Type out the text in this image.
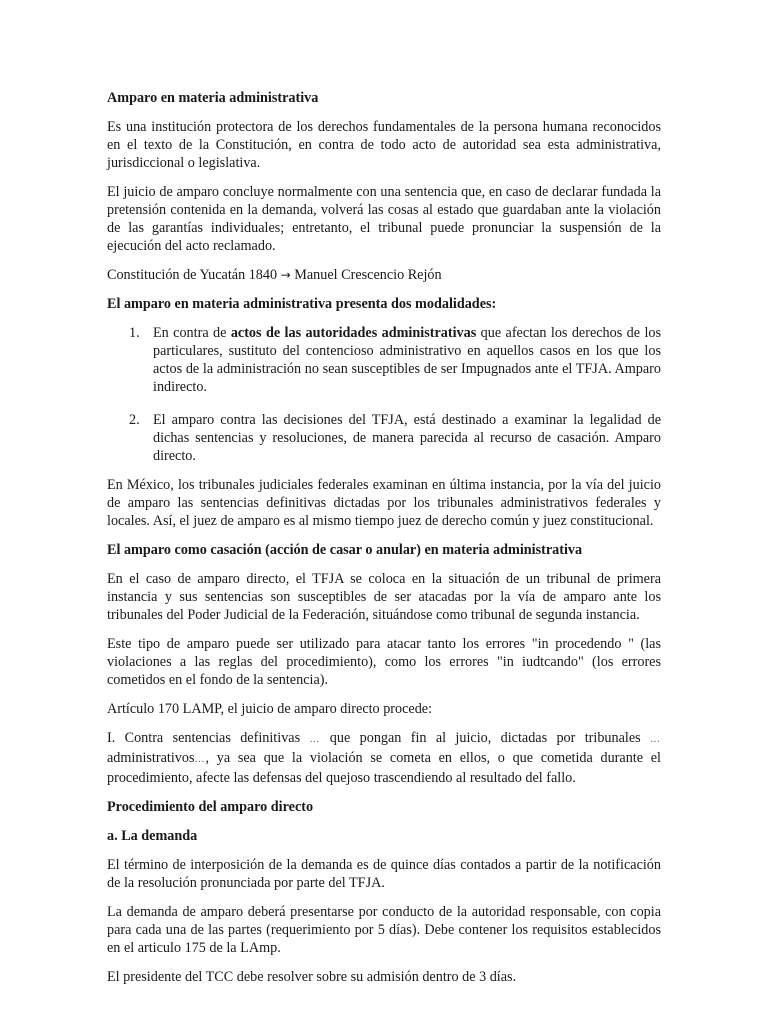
Amparo en materia administrativa

Es una institución protectora de los derechos fundamentales de la persona humana reconocidos en el texto de la Constitución, en contra de todo acto de autoridad sea esta administrativa, jurisdiccional o legislativa.

El juicio de amparo concluye normalmente con una sentencia que, en caso de declarar fundada la pretensión contenida en la demanda, volverá las cosas al estado que guardaban ante la violación de las garantías individuales; entretanto, el tribunal puede pronunciar la suspensión de la ejecución del acto reclamado.

Constitución de Yucatán 1840 → Manuel Crescencio Rejón

El amparo en materia administrativa presenta dos modalidades:

1. En contra de actos de las autoridades administrativas que afectan los derechos de los particulares, sustituto del contencioso administrativo en aquellos casos en los que los actos de la administración no sean susceptibles de ser Impugnados ante el TFJA. Amparo indirecto.
2. El amparo contra las decisiones del TFJA, está destinado a examinar la legalidad de dichas sentencias y resoluciones, de manera parecida al recurso de casación. Amparo directo.

En México, los tribunales judiciales federales examinan en última instancia, por la vía del juicio de amparo las sentencias definitivas dictadas por los tribunales administrativos federales y locales. Así, el juez de amparo es al mismo tiempo juez de derecho común y juez constitucional.

El amparo como casación (acción de casar o anular) en materia administrativa

En el caso de amparo directo, el TFJA se coloca en la situación de un tribunal de primera instancia y sus sentencias son susceptibles de ser atacadas por la vía de amparo ante los tribunales del Poder Judicial de la Federación, situándose como tribunal de segunda instancia.

Este tipo de amparo puede ser utilizado para atacar tanto los errores "in procedendo " (las violaciones a las reglas del procedimiento), como los errores "in iudtcando" (los errores cometidos en el fondo de la sentencia).

Artículo 170 LAMP, el juicio de amparo directo procede:

I. Contra sentencias definitivas … que pongan fin al juicio, dictadas por tribunales … administrativos…, ya sea que la violación se cometa en ellos, o que cometida durante el procedimiento, afecte las defensas del quejoso trascendiendo al resultado del fallo.

Procedimiento del amparo directo

a. La demanda

El término de interposición de la demanda es de quince días contados a partir de la notificación de la resolución pronunciada por parte del TFJA.

La demanda de amparo deberá presentarse por conducto de la autoridad responsable, con copia para cada una de las partes (requerimiento por 5 días). Debe contener los requisitos establecidos en el articulo 175 de la LAmp.

El presidente del TCC debe resolver sobre su admisión dentro de 3 días.
